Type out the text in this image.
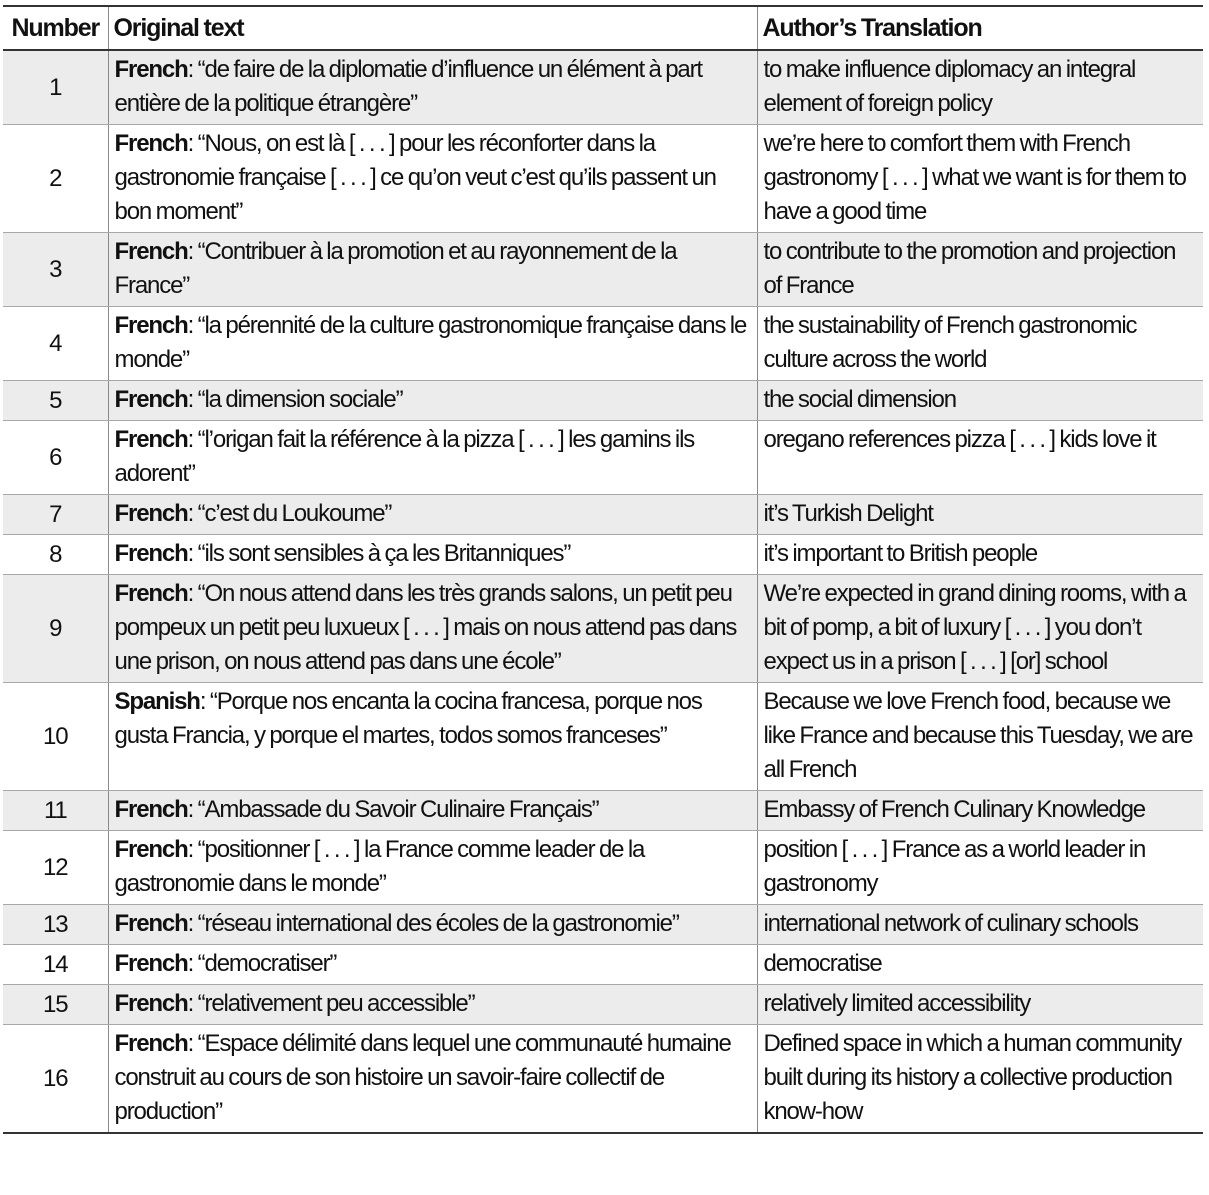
Number	Original text	Author’s Translation
1	French: “de faire de la diplomatie d’influence un élément à part entière de la politique étrangère”	to make influence diplomacy an integral element of foreign policy
2	French: “Nous, on est là [ . . . ] pour les réconforter dans la gastronomie française [ . . . ] ce qu’on veut c’est qu’ils passent un bon moment”	we’re here to comfort them with French gastronomy [ . . . ] what we want is for them to have a good time
3	French: “Contribuer à la promotion et au rayonnement de la France”	to contribute to the promotion and projection of France
4	French: “la pérennité de la culture gastronomique française dans le monde”	the sustainability of French gastronomic culture across the world
5	French: “la dimension sociale”	the social dimension
6	French: “l’origan fait la référence à la pizza [ . . . ] les gamins ils adorent”	oregano references pizza [ . . . ] kids love it
7	French: “c’est du Loukoume”	it’s Turkish Delight
8	French: “ils sont sensibles à ça les Britanniques”	it’s important to British people
9	French: “On nous attend dans les très grands salons, un petit peu pompeux un petit peu luxueux [ . . . ] mais on nous attend pas dans une prison, on nous attend pas dans une école”	We’re expected in grand dining rooms, with a bit of pomp, a bit of luxury [ . . . ] you don’t expect us in a prison [ . . . ] [or] school
10	Spanish: “Porque nos encanta la cocina francesa, porque nos gusta Francia, y porque el martes, todos somos franceses”	Because we love French food, because we like France and because this Tuesday, we are all French
11	French: “Ambassade du Savoir Culinaire Français”	Embassy of French Culinary Knowledge
12	French: “positionner [ . . . ] la France comme leader de la gastronomie dans le monde”	position [ . . . ] France as a world leader in gastronomy
13	French: “réseau international des écoles de la gastronomie”	international network of culinary schools
14	French: “democratiser”	democratise
15	French: “relativement peu accessible”	relatively limited accessibility
16	French: “Espace délimité dans lequel une communauté humaine construit au cours de son histoire un savoir-faire collectif de production”	Defined space in which a human community built during its history a collective production know-how
